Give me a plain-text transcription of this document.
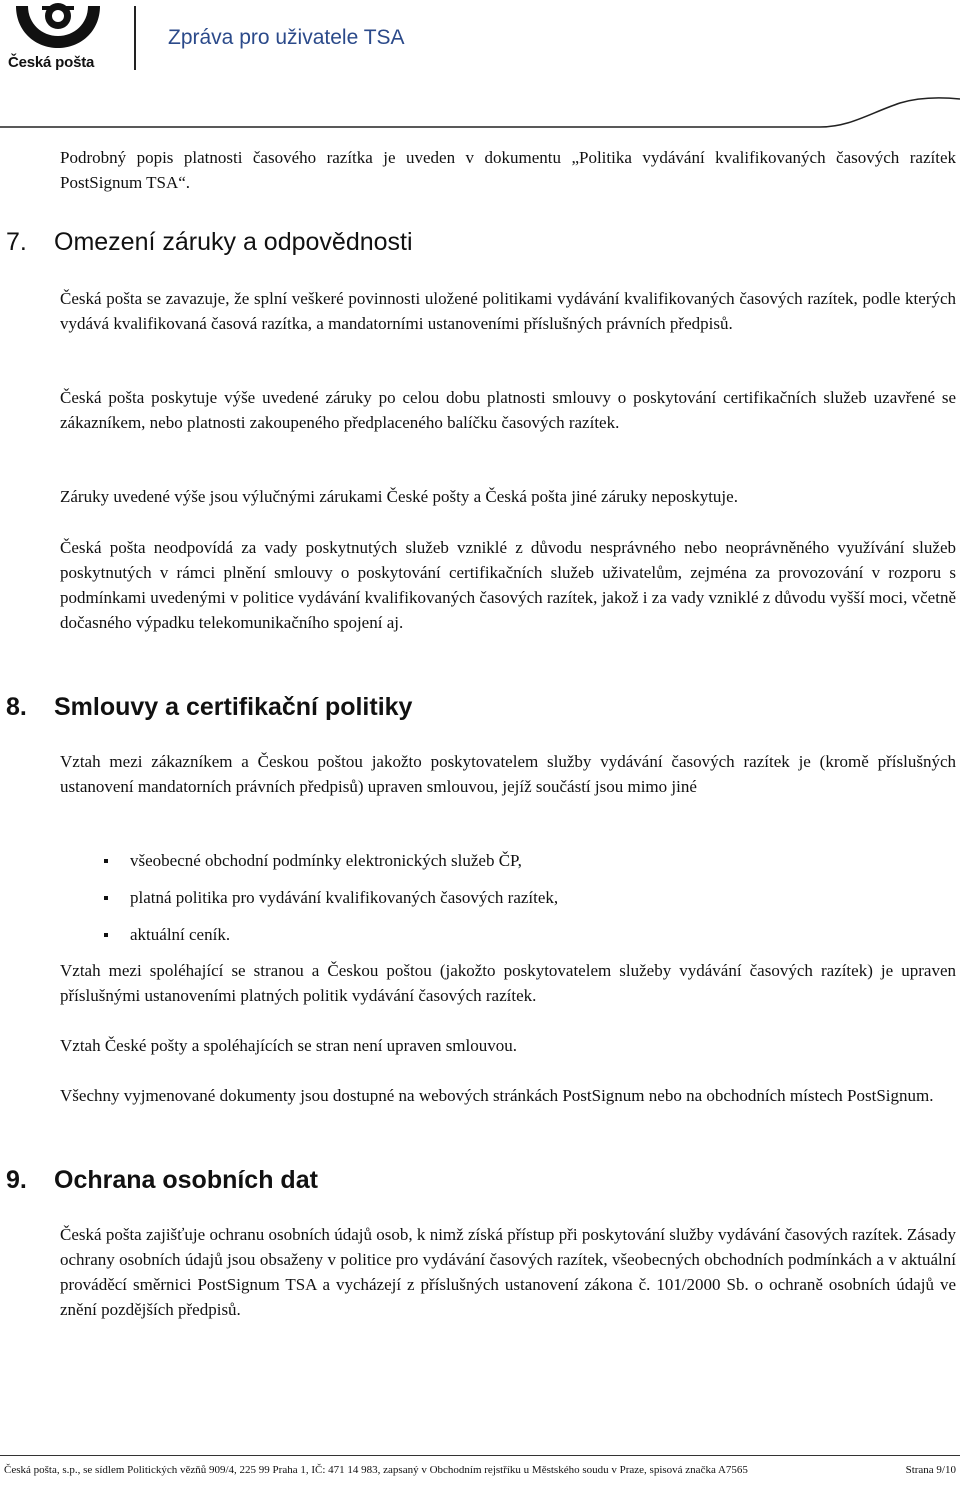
Česká pošta
Zpráva pro uživatele TSA

Podrobný popis platnosti časového razítka je uveden v dokumentu „Politika vydávání kvalifikovaných časových razítek PostSignum TSA“.

7. Omezení záruky a odpovědnosti

Česká pošta se zavazuje, že splní veškeré povinnosti uložené politikami vydávání kvalifikovaných časových razítek, podle kterých vydává kvalifikovaná časová razítka, a mandatorními ustanoveními příslušných právních předpisů.

Česká pošta poskytuje výše uvedené záruky po celou dobu platnosti smlouvy o poskytování certifikačních služeb uzavřené se zákazníkem, nebo platnosti zakoupeného předplaceného balíčku časových razítek.

Záruky uvedené výše jsou výlučnými zárukami České pošty a Česká pošta jiné záruky neposkytuje.

Česká pošta neodpovídá za vady poskytnutých služeb vzniklé z důvodu nesprávného nebo neoprávněného využívání služeb poskytnutých v rámci plnění smlouvy o poskytování certifikačních služeb uživatelům, zejména za provozování v rozporu s podmínkami uvedenými v politice vydávání kvalifikovaných časových razítek, jakož i za vady vzniklé z důvodu vyšší moci, včetně dočasného výpadku telekomunikačního spojení aj.

8. Smlouvy a certifikační politiky

Vztah mezi zákazníkem a Českou poštou jakožto poskytovatelem služby vydávání časových razítek je (kromě příslušných ustanovení mandatorních právních předpisů) upraven smlouvou, jejíž součástí jsou mimo jiné

všeobecné obchodní podmínky elektronických služeb ČP,
platná politika pro vydávání kvalifikovaných časových razítek,
aktuální ceník.

Vztah mezi spoléhající se stranou a Českou poštou (jakožto poskytovatelem služeby vydávání časových razítek) je upraven příslušnými ustanoveními platných politik vydávání časových razítek.

Vztah České pošty a spoléhajících se stran není upraven smlouvou.

Všechny vyjmenované dokumenty jsou dostupné na webových stránkách PostSignum nebo na obchodních místech PostSignum.

9. Ochrana osobních dat

Česká pošta zajišťuje ochranu osobních údajů osob, k nimž získá přístup při poskytování služby vydávání časových razítek. Zásady ochrany osobních údajů jsou obsaženy v politice pro vydávání časových razítek, všeobecných obchodních podmínkách a v aktuální prováděcí směrnici PostSignum TSA a vycházejí z příslušných ustanovení zákona č. 101/2000 Sb. o ochraně osobních údajů ve znění pozdějších předpisů.

Česká pošta, s.p., se sídlem Politických vězňů 909/4, 225 99 Praha 1, IČ: 471 14 983, zapsaný v Obchodním rejstříku u Městského soudu v Praze, spisová značka A7565	Strana 9/10
